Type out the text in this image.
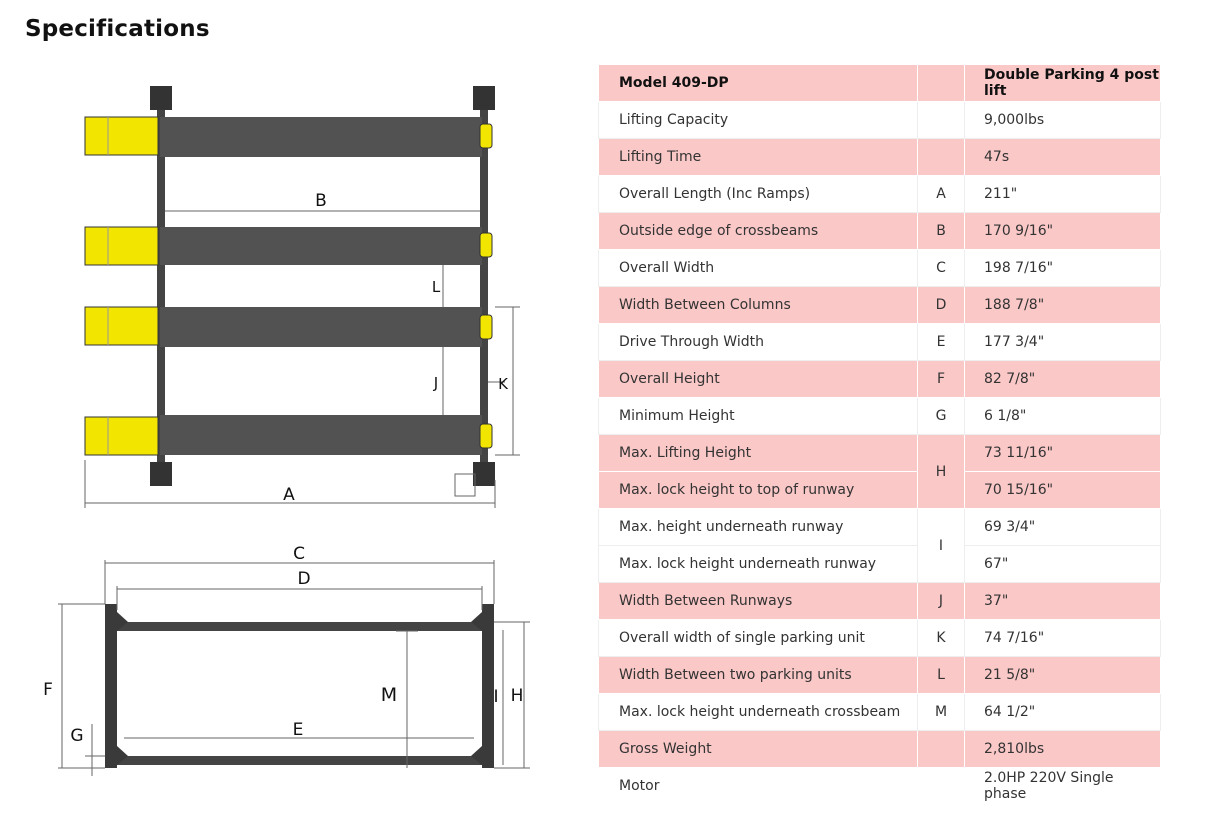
Specifications
B
L
J	K
A
C
D
F
G	E
M	I H
Model 409-DP		Double Parking 4 post lift
Lifting Capacity		9,000lbs
Lifting Time		47s
Overall Length (Inc Ramps)	A	211"
Outside edge of crossbeams	B	170 9/16"
Overall Width	C	198 7/16"
Width Between Columns	D	188 7/8"
Drive Through Width	E	177 3/4"
Overall Height	F	82 7/8"
Minimum Height	G	6 1/8"
Max. Lifting Height	H	73 11/16"
Max. lock height to top of runway		70 15/16"
Max. height underneath runway	I	69 3/4"
Max. lock height underneath runway		67"
Width Between Runways	J	37"
Overall width of single parking unit	K	74 7/16"
Width Between two parking units	L	21 5/8"
Max. lock height underneath crossbeam	M	64 1/2"
Gross Weight		2,810lbs
Motor		2.0HP 220V Single phase
